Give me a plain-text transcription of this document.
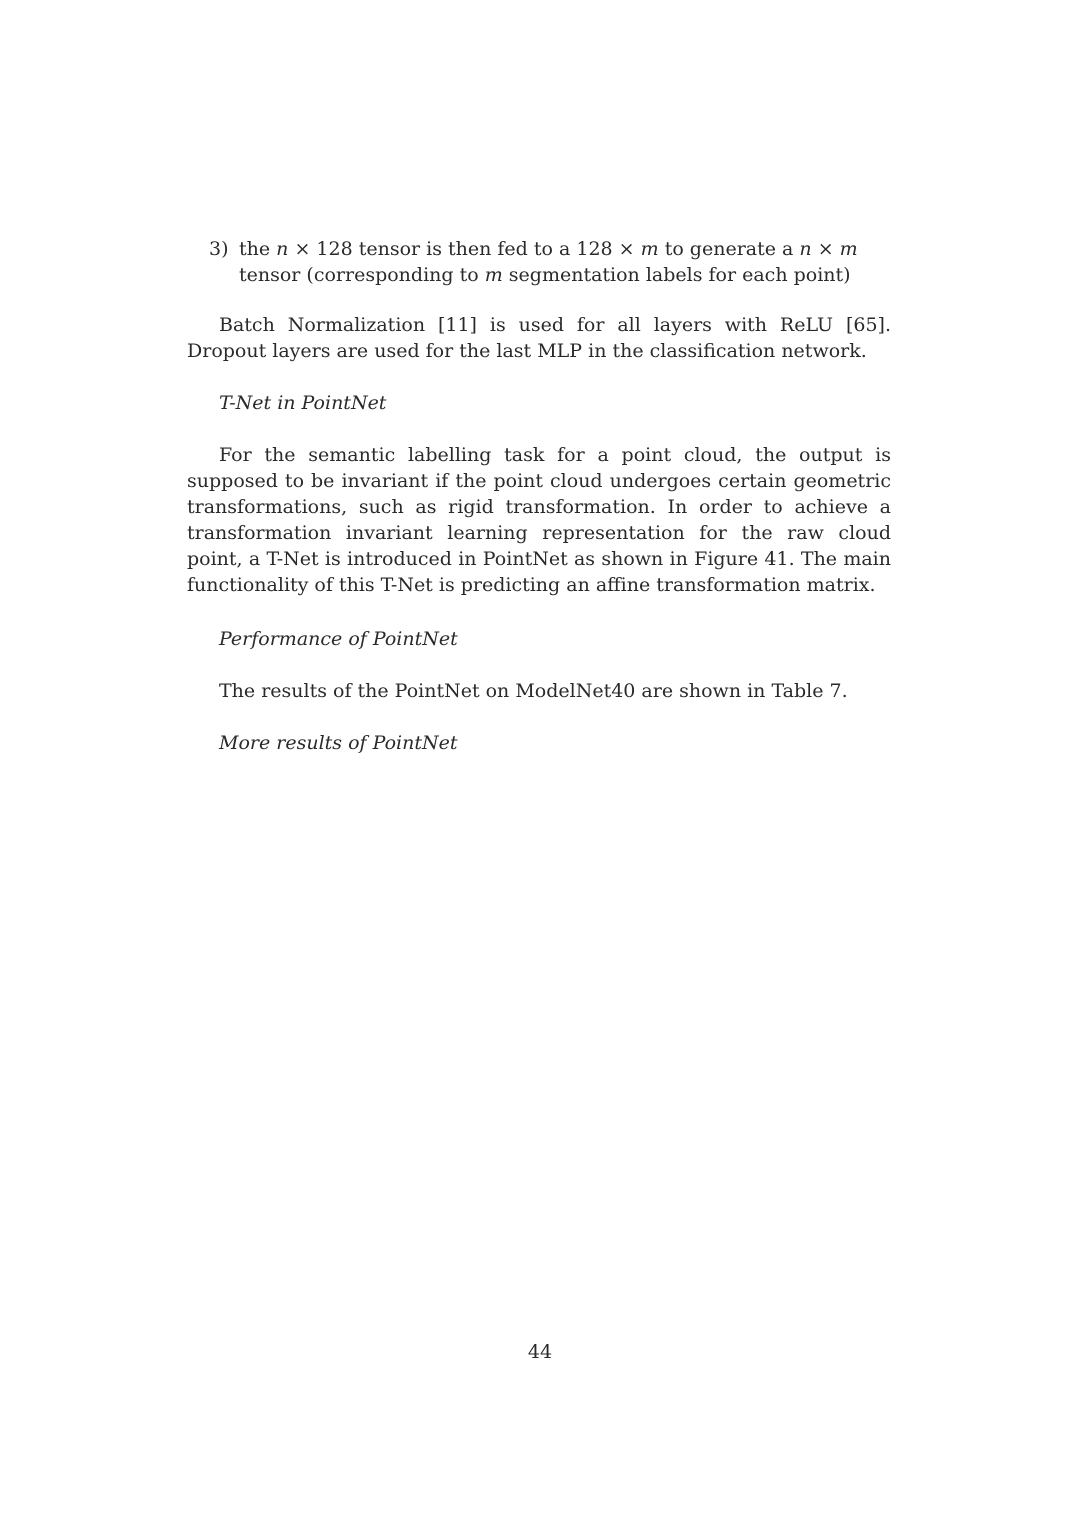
3) the n × 128 tensor is then fed to a 128 × m to generate a n × m tensor (corresponding to m segmentation labels for each point)

Batch Normalization [11] is used for all layers with ReLU [65]. Dropout layers are used for the last MLP in the classification network.

T-Net in PointNet

For the semantic labelling task for a point cloud, the output is supposed to be invariant if the point cloud undergoes certain geometric transformations, such as rigid transformation. In order to achieve a transformation invariant learning representation for the raw cloud point, a T-Net is introduced in PointNet as shown in Figure 41. The main functionality of this T-Net is predicting an affine transformation matrix.

Performance of PointNet

The results of the PointNet on ModelNet40 are shown in Table 7.

More results of PointNet
44
